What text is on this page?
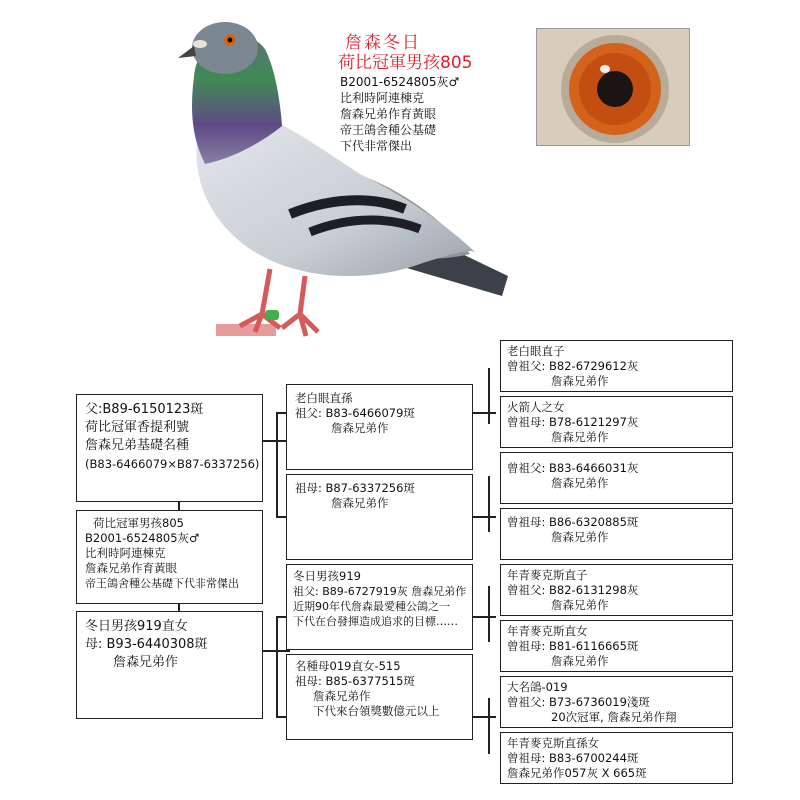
詹森冬日
荷比冠軍男孩805
B2001-6524805灰♂
比利時阿連棟克
詹森兄弟作育黃眼
帝王鴿舍種公基礎
下代非常傑出
父:B89-6150123斑
荷比冠軍香提利號
詹森兄弟基礎名種
(B83-6466079×B87-6337256)
荷比冠軍男孩805
B2001-6524805灰♂
比利時阿連棟克
詹森兄弟作育黃眼
帝王鴿舍種公基礎下代非常傑出
冬日男孩919直女
母: B93-6440308斑
詹森兄弟作
老白眼直孫
祖父: B83-6466079斑
詹森兄弟作
祖母: B87-6337256斑
詹森兄弟作
冬日男孩919
祖父: B89-6727919灰 詹森兄弟作
近期90年代詹森最愛種公鴿之一
下代在台發揮造成追求的目標……
名種母019直女-515
祖母: B85-6377515斑
詹森兄弟作
下代來台領獎數億元以上
老白眼直子
曾祖父: B82-6729612灰
詹森兄弟作
火箭人之女
曾祖母: B78-6121297灰
詹森兄弟作
曾祖父: B83-6466031灰
詹森兄弟作
曾祖母: B86-6320885斑
詹森兄弟作
年青麥克斯直子
曾祖父: B82-6131298灰
詹森兄弟作
年青麥克斯直女
曾祖母: B81-6116665斑
詹森兄弟作
大名鴿-019
曾祖父: B73-6736019淺斑
20次冠軍, 詹森兄弟作翔
年青麥克斯直孫女
曾祖母: B83-6700244斑
詹森兄弟作057灰 X 665斑
